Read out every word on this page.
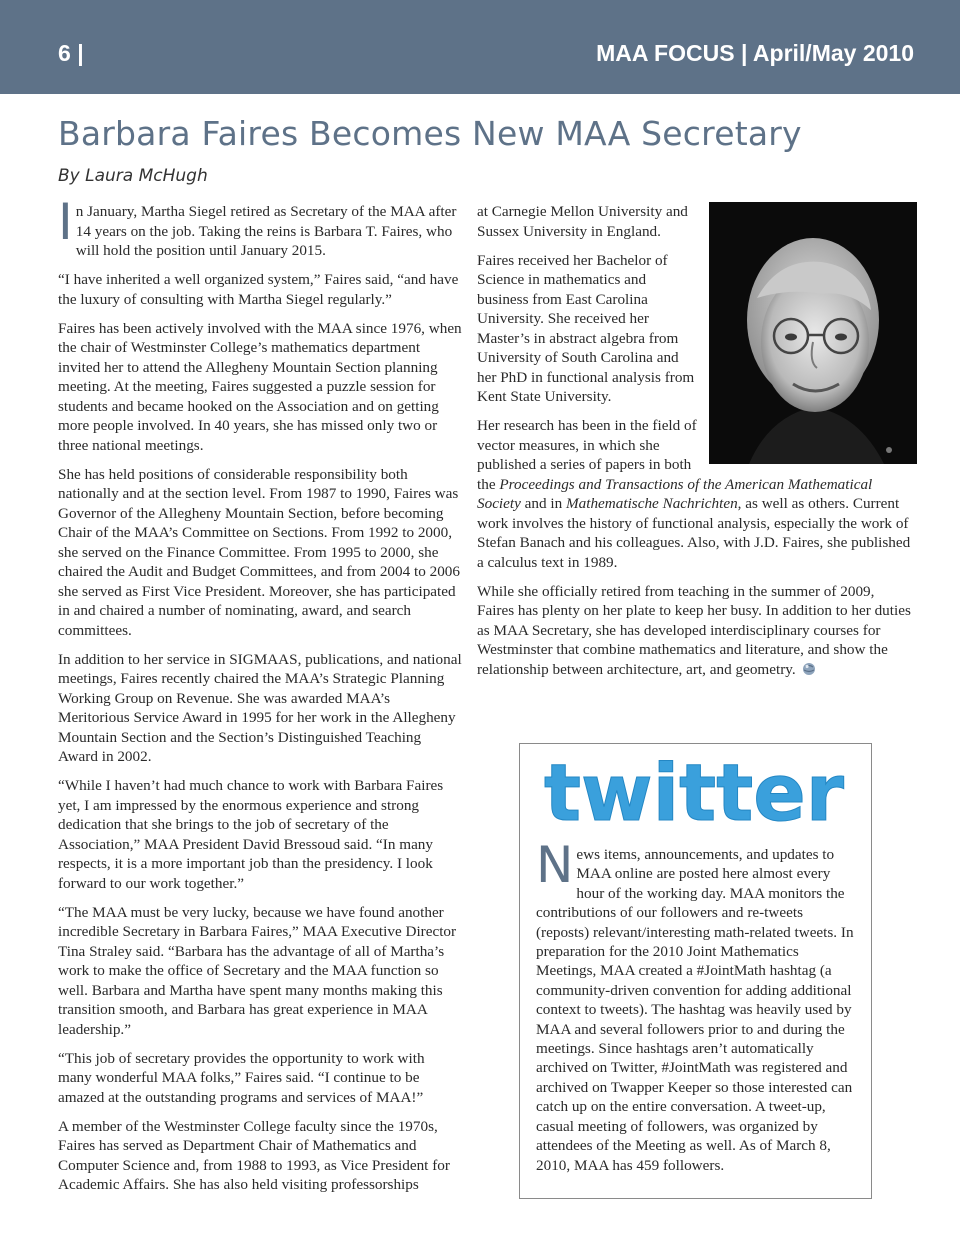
6 |	MAA FOCUS | April/May 2010
Barbara Faires Becomes New MAA Secretary
By Laura McHugh

In January, Martha Siegel retired as Secretary of the MAA after 14 years on the job. Taking the reins is Barbara T. Faires, who will hold the position until January 2015.

“I have inherited a well organized system,” Faires said, “and have the luxury of consulting with Martha Siegel regularly.”

Faires has been actively involved with the MAA since 1976, when the chair of Westminster College’s mathematics department invited her to attend the Allegheny Mountain Section planning meeting. At the meeting, Faires suggested a puzzle session for students and became hooked on the Association and on getting more people involved. In 40 years, she has missed only two or three national meetings.

She has held positions of considerable responsibility both nationally and at the section level. From 1987 to 1990, Faires was Governor of the Allegheny Mountain Section, before becoming Chair of the MAA’s Committee on Sections. From 1992 to 2000, she served on the Finance Committee. From 1995 to 2000, she chaired the Audit and Budget Committees, and from 2004 to 2006 she served as First Vice President. Moreover, she has participated in and chaired a number of nominating, award, and search committees.

In addition to her service in SIGMAAS, publications, and national meetings, Faires recently chaired the MAA’s Strategic Planning Working Group on Revenue. She was awarded MAA’s Meritorious Service Award in 1995 for her work in the Allegheny Mountain Section and the Section’s Distinguished Teaching Award in 2002.

“While I haven’t had much chance to work with Barbara Faires yet, I am impressed by the enormous experience and strong dedication that she brings to the job of secretary of the Association,” MAA President David Bressoud said. “In many respects, it is a more important job than the presidency. I look forward to our work together.”

“The MAA must be very lucky, because we have found another incredible Secretary in Barbara Faires,” MAA Executive Director Tina Straley said. “Barbara has the advantage of all of Martha’s work to make the office of Secretary and the MAA function so well. Barbara and Martha have spent many months making this transition smooth, and Barbara has great experience in MAA leadership.”

“This job of secretary provides the opportunity to work with many wonderful MAA folks,” Faires said. “I continue to be amazed at the outstanding programs and services of MAA!”

A member of the Westminster College faculty since the 1970s, Faires has served as Department Chair of Mathematics and Computer Science and, from 1988 to 1993, as Vice President for Academic Affairs. She has also held visiting professorships

at Carnegie Mellon University and Sussex University in England.

Faires received her Bachelor of Science in mathematics and business from East Carolina University. She received her Master’s in abstract algebra from University of South Carolina and her PhD in functional analysis from Kent State University.

Her research has been in the field of vector measures, in which she published a series of papers in both the Proceedings and Transactions of the American Mathematical Society and in Mathematische Nachrichten, as well as others. Current work involves the history of functional analysis, especially the work of Stefan Banach and his colleagues. Also, with J.D. Faires, she published a calculus text in 1989.

While she officially retired from teaching in the summer of 2009, Faires has plenty on her plate to keep her busy. In addition to her duties as MAA Secretary, she has developed interdisciplinary courses for Westminster that combine mathematics and literature, and show the relationship between architecture, art, and geometry.

twitter

News items, announcements, and updates to MAA online are posted here almost every hour of the working day. MAA monitors the contributions of our followers and re-tweets (reposts) relevant/interesting math-related tweets. In preparation for the 2010 Joint Mathematics Meetings, MAA created a #JointMath hashtag (a community-driven convention for adding additional context to tweets). The hashtag was heavily used by MAA and several followers prior to and during the meetings. Since hashtags aren’t automatically archived on Twitter, #JointMath was registered and archived on Twapper Keeper so those interested can catch up on the entire conversation. A tweet-up, casual meeting of followers, was organized by attendees of the Meeting as well. As of March 8, 2010, MAA has 459 followers.
